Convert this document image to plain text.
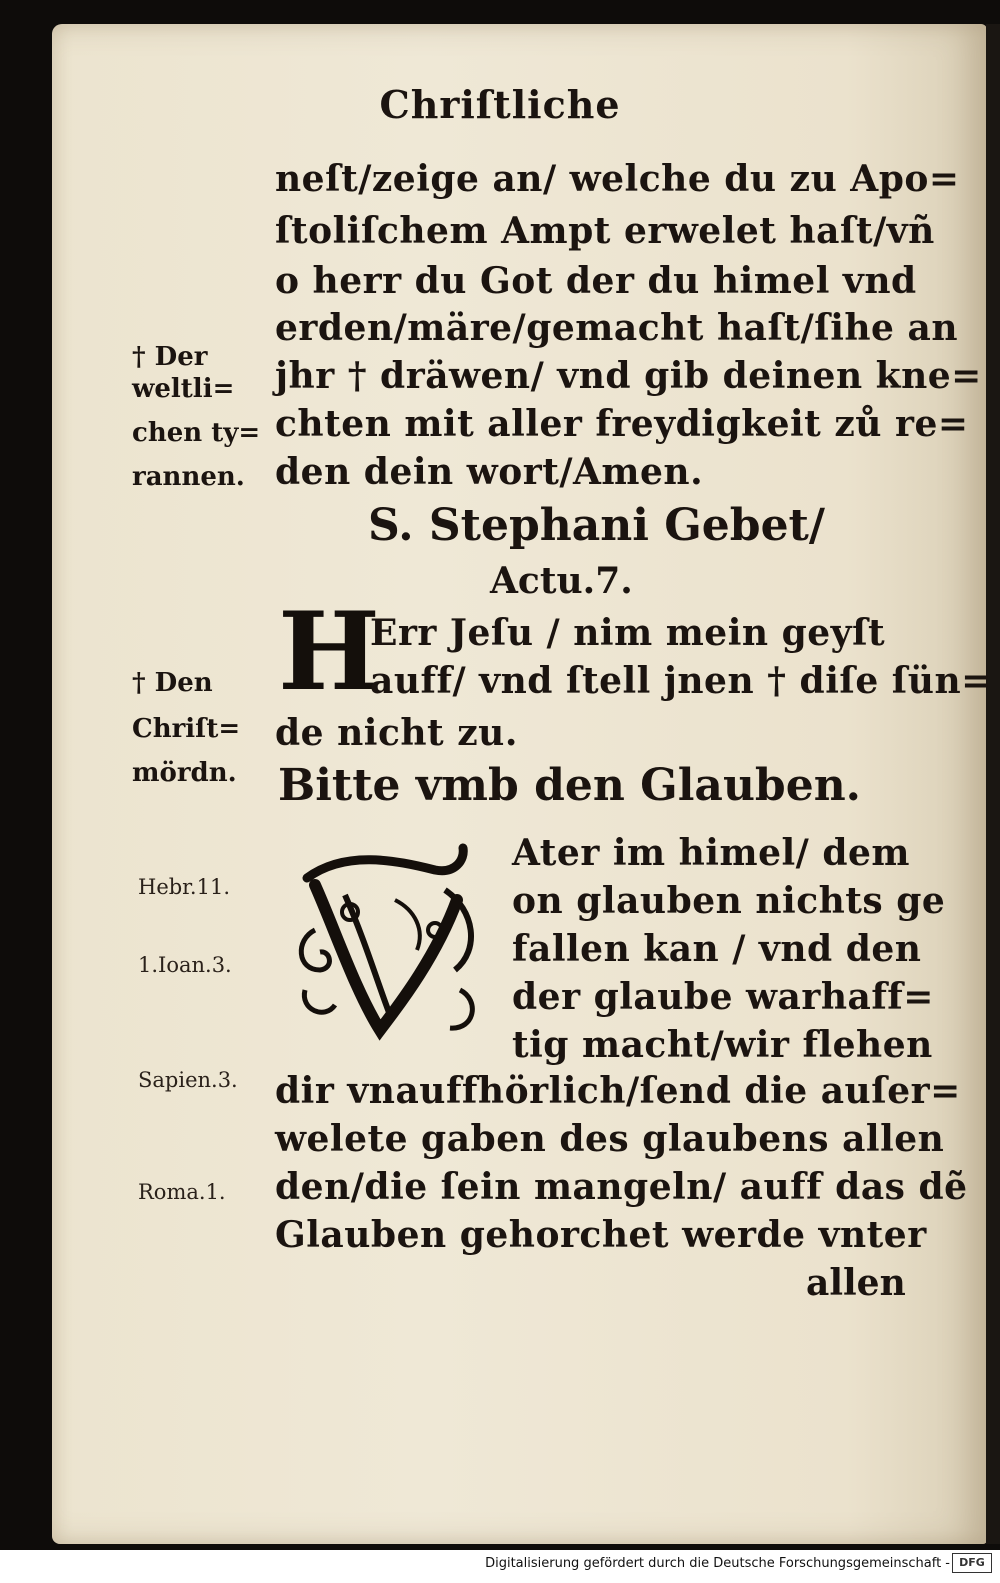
Chriſtliche
neſt/zeige an/ welche du zu Apo=
ſtoliſchem Ampt erwelet haſt/vñ
o herr du Got der du himel vnd
erden/märe/gemacht haſt/ſihe an
jhr † dräwen/ vnd gib deinen kne=
chten mit aller freydigkeit zů re=
den dein wort/Amen.
† Der
weltli=
chen ty=
rannen.
S. Stephani Gebet/
Actu.7.
H
Err Jeſu / nim mein geyſt
auff/ vnd ſtell jnen † diſe ſün=
de nicht zu.
† Den
Chriſt=
mördn. Bitte vmb den Glauben.
Ater im himel/ dem
on glauben nichts ge
fallen kan / vnd den
der glaube warhaff=
tig macht/wir flehen
dir vnauffhörlich/ſend die auſer=
welete gaben des glaubens allen
den/die ſein mangeln/ auff das dẽ
Glauben gehorchet werde vnter
allen
Hebr.11.
1.Ioan.3.
Sapien.3.
Roma.1.
Digitalisierung gefördert durch die Deutsche Forschungsgemeinschaft - DFG
